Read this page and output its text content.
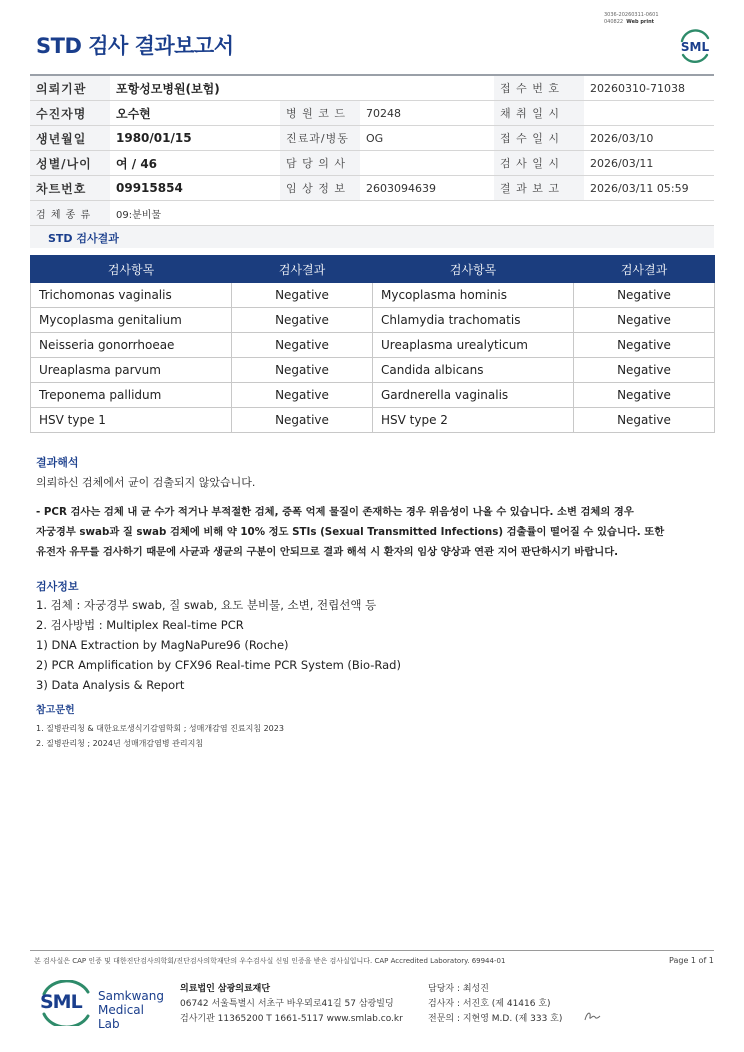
3036-20260311-0601
040822 Web print
STD 검사 결과보고서	SML
의뢰기관	포항성모병원(보험)			접 수 번 호	20260310-71038
수진자명	오수현	병 원 코 드	70248	채 취 일 시	
생년월일	1980/01/15	진료과/병동	OG	접 수 일 시	2026/03/10
성별/나이	여 / 46	담 당 의 사		검 사 일 시	2026/03/11
차트번호	09915854	임 상 정 보	2603094639	결 과 보 고	2026/03/11 05:59
검 체 종 류	09:분비물				
STD 검사결과
검사항목	검사결과	검사항목	검사결과
Trichomonas vaginalis	Negative	Mycoplasma hominis	Negative
Mycoplasma genitalium	Negative	Chlamydia trachomatis	Negative
Neisseria gonorrhoeae	Negative	Ureaplasma urealyticum	Negative
Ureaplasma parvum	Negative	Candida albicans	Negative
Treponema pallidum	Negative	Gardnerella vaginalis	Negative
HSV type 1	Negative	HSV type 2	Negative
결과해석
의뢰하신 검체에서 균이 검출되지 않았습니다.
- PCR 검사는 검체 내 균 수가 적거나 부적절한 검체, 증폭 억제 물질이 존재하는 경우 위음성이 나올 수 있습니다. 소변 검체의 경우
자궁경부 swab과 질 swab 검체에 비해 약 10% 정도 STIs (Sexual Transmitted Infections) 검출률이 떨어질 수 있습니다. 또한
유전자 유무를 검사하기 때문에 사균과 생균의 구분이 안되므로 결과 해석 시 환자의 임상 양상과 연관 지어 판단하시기 바랍니다.
검사정보
1. 검체 : 자궁경부 swab, 질 swab, 요도 분비물, 소변, 전립선액 등
2. 검사방법 : Multiplex Real-time PCR
1) DNA Extraction by MagNaPure96 (Roche)
2) PCR Amplification by CFX96 Real-time PCR System (Bio-Rad)
3) Data Analysis & Report
참고문헌
1. 질병관리청 & 대한요로생식기감염학회 ; 성매개감염 진료지침 2023
2. 질병관리청 ; 2024년 성매개감염병 관리지침
본 검사실은 CAP 인증 및 대한진단검사의학회/진단검사의학재단의 우수검사실 신임 인증을 받은 검사실입니다. CAP Accredited Laboratory. 69944-01	Page 1 of 1
SML Samkwang
Medical Lab
의료법인 삼광의료재단
06742 서울특별시 서초구 바우뫼로41길 57 삼광빌딩
검사기관 11365200 T 1661-5117 www.smlab.co.kr
담당자 : 최성진
검사자 : 서진호 (제 41416 호)
전문의 : 지현영 M.D. (제 333 호)
